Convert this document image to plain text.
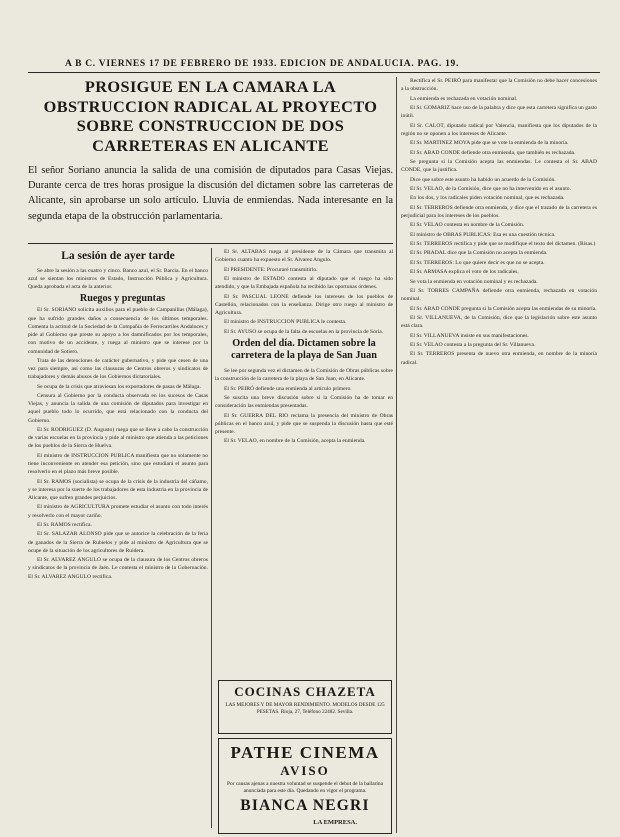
A B C. VIERNES 17 DE FEBRERO DE 1933. EDICION DE ANDALUCIA. PAG. 19.
PROSIGUE EN LA CAMARA LA OBSTRUCCION RADICAL AL PROYECTO SOBRE CONSTRUCCION DE DOS CARRETERAS EN ALICANTE
El señor Soriano anuncia la salida de una comisión de diputados para Casas Viejas. Durante cerca de tres horas prosigue la discusión del dictamen sobre las carreteras de Alicante, sin aprobarse un solo artículo. Lluvia de enmiendas. Nada interesante en la segunda etapa de la obstrucción parlamentaria.

La sesión de ayer tarde

Se abre la sesión a las cuatro y cinco. Banco azul, el Sr. Barcia. En el banco azul se sientan los ministros de Estado, Instrucción Pública y Agricultura. Queda aprobada el acta de la anterior.

Ruegos y preguntas

El Sr. SORIANO solicita auxilios para el pueblo de Campanillas (Málaga), que ha sufrido grandes daños a consecuencia de los últimos temporales. Comenta la actitud de la Sociedad de la Compañía de Ferrocarriles Andaluces y pide al Gobierno que preste su apoyo a los damnificados por los temporales, con motivo de un accidente, y ruega al ministro que se interese por la comunidad de Sotiero.

Trata de las detenciones de carácter gubernativo, y pide que cesen de una vez para siempre, así como las clausuras de Centros obreros y sindicatos de trabajadores y demás abusos de los Gobiernos dictatoriales.

Se ocupa de la crisis que atraviesan los exportadores de pasas de Málaga.

Censura al Gobierno por la conducta observada en los sucesos de Casas Viejas, y anuncia la salida de una comisión de diputados para investigar en aquel pueblo todo lo ocurrido, que está relacionado con la conducta del Gobierno.

El Sr. RODRIGUEZ (D. Augusto) ruega que se lleve a cabo la construcción de varias escuelas en la provincia y pide al ministro que atienda a las peticiones de los pueblos de la Sierra de Huelva.

El ministro de INSTRUCCION PUBLICA manifiesta que no solamente no tiene inconveniente en atender esa petición, sino que estudiará el asunto para resolverlo en el plazo más breve posible.

El Sr. RAMOS (socialista) se ocupa de la crisis de la industria del cáñamo, y se interesa por la suerte de los trabajadores de esta industria en la provincia de Alicante, que sufren grandes perjuicios.

El ministro de AGRICULTURA promete estudiar el asunto con todo interés y resolverlo con el mayor cariño.

El Sr. RAMOS rectifica.

El Sr. SALAZAR ALONSO pide que se autorice la celebración de la feria de ganados de la Sierra de Rubielos y pide al ministro de Agricultura que se ocupe de la situación de los agricultores de Ruidera.

El Sr. ALVAREZ ANGULO se ocupa de la clausura de los Centros obreros y sindicatos de la provincia de Jaén. Le contesta el ministro de la Gobernación. El Sr. ALVAREZ ANGULO rectifica.

El Sr. ALTABAS ruega al presidente de la Cámara que transmita al Gobierno cuanto ha expuesto el Sr. Alvarez Angulo.

El PRESIDENTE: Procuraré transmitirlo.

El ministro de ESTADO contesta al diputado que el ruego ha sido atendido, y que la Embajada española ha recibido las oportunas órdenes.

El Sr. PASCUAL LEONE defiende los intereses de los pueblos de Castellón, relacionados con la enseñanza. Dirige otro ruego al ministro de Agricultura.

El ministro de INSTRUCCION PUBLICA le contesta.

El Sr. AYUSO se ocupa de la falta de escuelas en la provincia de Soria.

Orden del día. Dictamen sobre la carretera de la playa de San Juan

Se lee por segunda vez el dictamen de la Comisión de Obras públicas sobre la construcción de la carretera de la playa de San Juan, en Alicante.

El Sr. PEIRÓ defiende una enmienda al artículo primero.

Se suscita una breve discusión sobre si la Comisión ha de tomar en consideración las enmiendas presentadas.

El Sr. GUERRA DEL RIO reclama la presencia del ministro de Obras públicas en el banco azul, y pide que se suspenda la discusión hasta que esté presente.

El Sr. VELAO, en nombre de la Comisión, acepta la enmienda.

COCINAS CHAZETA
LAS MEJORES Y DE MAYOR RENDIMIENTO. MODELOS DESDE 125 PESETAS. Rioja, 27, Teléfono 22482. Sevilla.
PATHE CINEMA
AVISO
Por causas ajenas a nuestra voluntad se suspende el debut de la bailarina anunciada para este día. Quedando en vigor el programa.
BIANCA NEGRI
LA EMPRESA.

Rectifica el Sr. PEIRÓ para manifestar que la Comisión no debe hacer concesiones a la obstrucción.

La enmienda es rechazada en votación nominal.

El Sr. GOMARIZ hace uso de la palabra y dice que esta carretera significa un gasto inútil.

El Sr. CALOT, diputado radical por Valencia, manifiesta que los diputados de la región no se oponen a los intereses de Alicante.

El Sr. MARTINEZ MOYA pide que se vote la enmienda de la minoría.

El Sr. ABAD CONDE defiende otra enmienda, que también es rechazada.

Se pregunta si la Comisión acepta las enmiendas. Le contesta el Sr. ABAD CONDE, que la justifica.

Dice que sobre este asunto ha habido un acuerdo de la Comisión.

El Sr. VELAO, de la Comisión, dice que no ha intervenido en el asunto.

En los dos, y los radicales piden votación nominal, que es rechazada.

El Sr. TERREROS defiende otra enmienda, y dice que el trazado de la carretera es perjudicial para los intereses de los pueblos.

El Sr. VELAO contesta en nombre de la Comisión.

El ministro de OBRAS PUBLICAS: Esa es una cuestión técnica.

El Sr. TERREROS rectifica y pide que se modifique el texto del dictamen. (Risas.)

El Sr. PRADAL dice que la Comisión no acepta la enmienda.

El Sr. TERREROS: Lo que quiere decir es que no se acepta.

El Sr. ARMASA explica el voto de los radicales.

Se vota la enmienda en votación nominal y es rechazada.

El Sr. TORRES CAMPAÑA defiende otra enmienda, rechazada en votación nominal.

El Sr. ABAD CONDE pregunta si la Comisión acepta las enmiendas de su minoría.

El Sr. VILLANUEVA, de la Comisión, dice que la legislación sobre este asunto está clara.

El Sr. VILLANUEVA insiste en sus manifestaciones.

El Sr. VELAO contesta a la pregunta del Sr. Villanueva.

El Sr. TERREROS presenta de nuevo otra enmienda, en nombre de la minoría radical.
